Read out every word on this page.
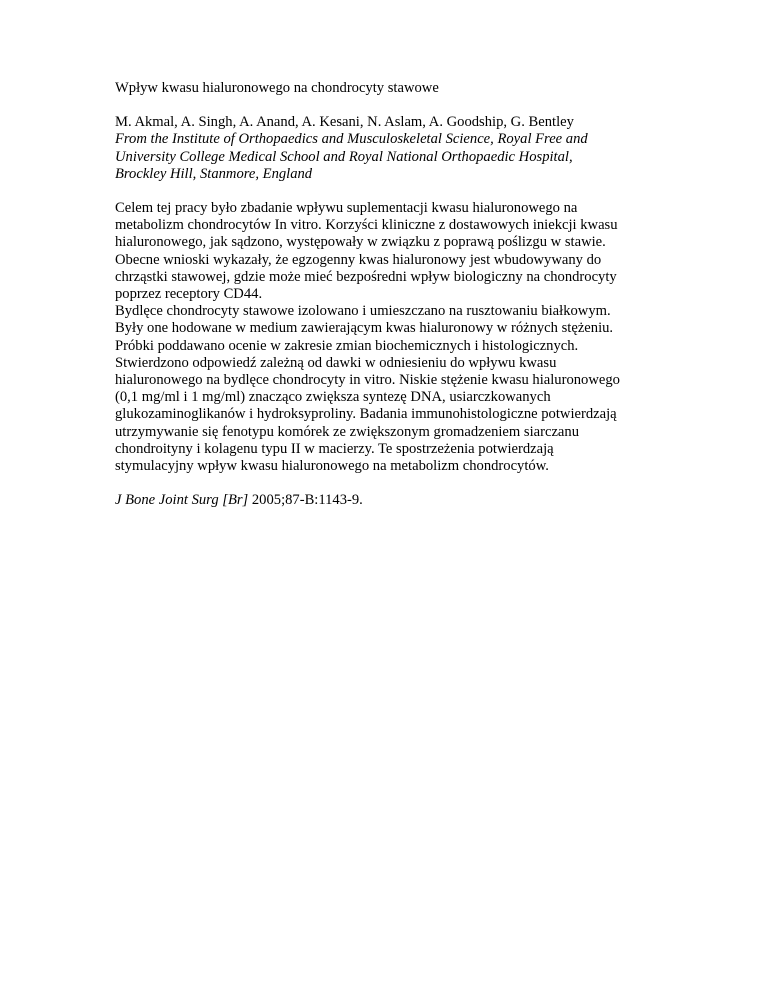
Wpływ kwasu hialuronowego na chondrocyty stawowe
M. Akmal, A. Singh, A. Anand, A. Kesani, N. Aslam, A. Goodship, G. Bentley
From the Institute of Orthopaedics and Musculoskeletal Science, Royal Free and
University College Medical School and Royal National Orthopaedic Hospital,
Brockley Hill, Stanmore, England

Celem tej pracy było zbadanie wpływu suplementacji kwasu hialuronowego na
metabolizm chondrocytów In vitro. Korzyści kliniczne z dostawowych iniekcji kwasu
hialuronowego, jak sądzono, występowały w związku z poprawą poślizgu w stawie.
Obecne wnioski wykazały, że egzogenny kwas hialuronowy jest wbudowywany do
chrząstki stawowej, gdzie może mieć bezpośredni wpływ biologiczny na chondrocyty
poprzez receptory CD44.

Bydlęce chondrocyty stawowe izolowano i umieszczano na rusztowaniu białkowym.
Były one hodowane w medium zawierającym kwas hialuronowy w różnych stężeniu.
Próbki poddawano ocenie w zakresie zmian biochemicznych i histologicznych.
Stwierdzono odpowiedź zależną od dawki w odniesieniu do wpływu kwasu
hialuronowego na bydlęce chondrocyty in vitro. Niskie stężenie kwasu hialuronowego
(0,1 mg/ml i 1 mg/ml) znacząco zwiększa syntezę DNA, usiarczkowanych
glukozaminoglikanów i hydroksyproliny. Badania immunohistologiczne potwierdzają
utrzymywanie się fenotypu komórek ze zwiększonym gromadzeniem siarczanu
chondroityny i kolagenu typu II w macierzy. Te spostrzeżenia potwierdzają
stymulacyjny wpływ kwasu hialuronowego na metabolizm chondrocytów.

J Bone Joint Surg [Br] 2005;87-B:1143-9.
